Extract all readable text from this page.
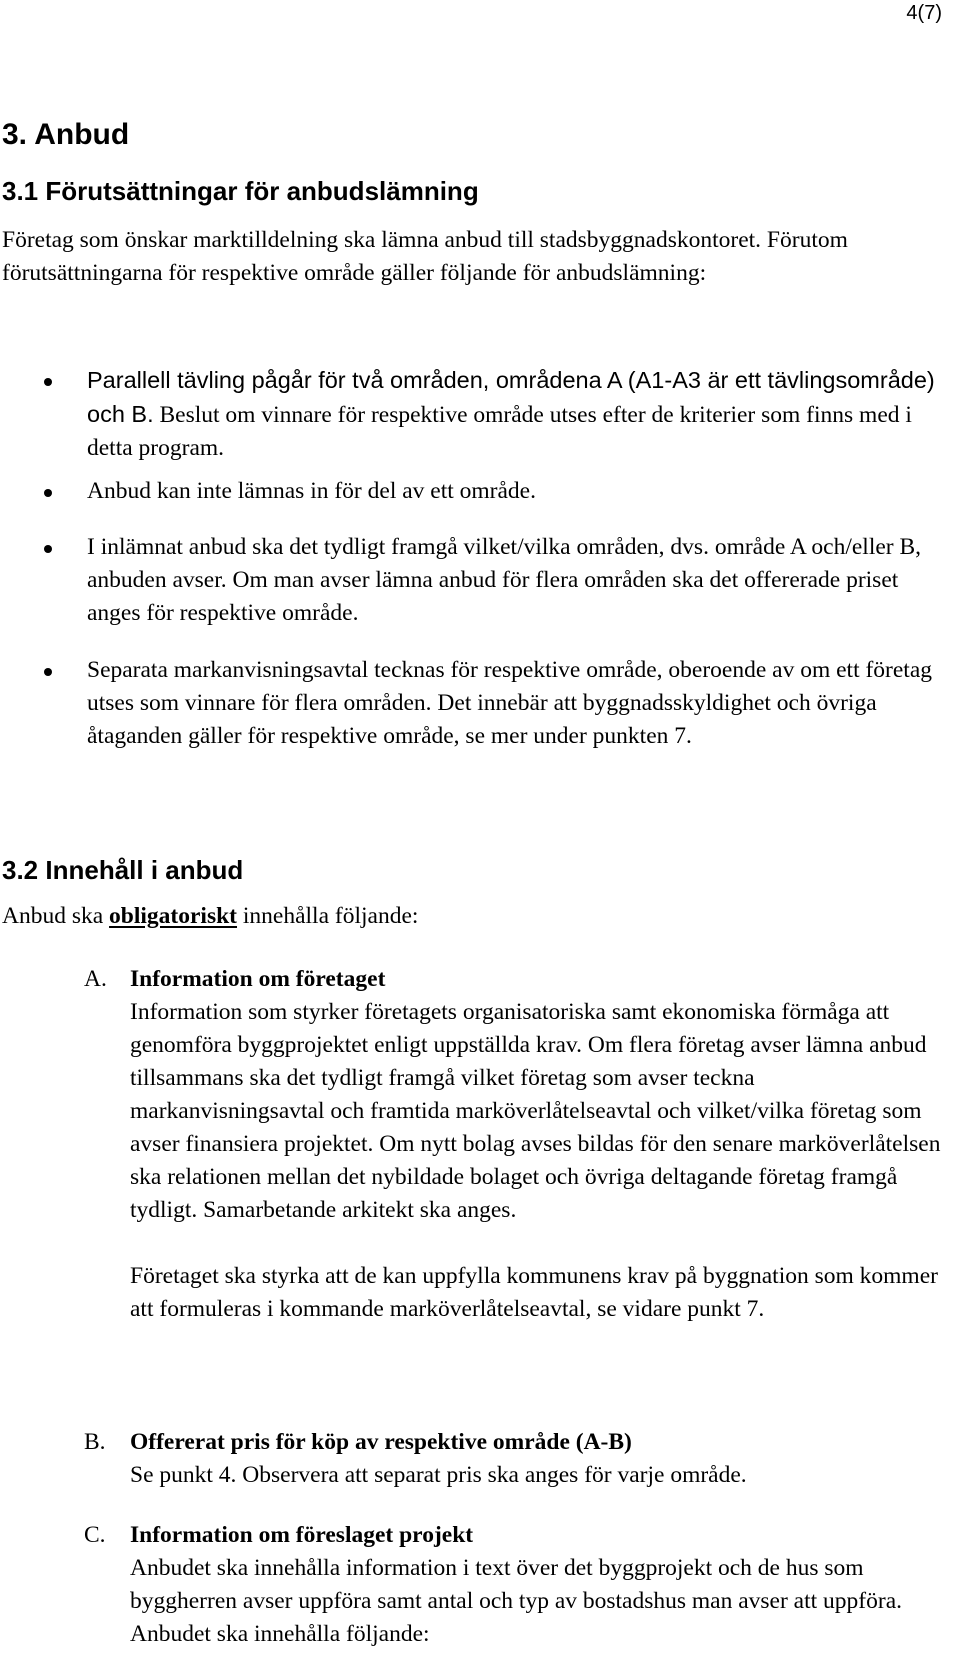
4(7)
3. Anbud
3.1 Förutsättningar för anbudslämning
Företag som önskar marktilldelning ska lämna anbud till stadsbyggnadskontoret. Förutom förutsättningarna för respektive område gäller följande för anbudslämning:
Parallell tävling pågår för två områden, områdena A (A1-A3 är ett tävlingsområde) och B. Beslut om vinnare för respektive område utses efter de kriterier som finns med i detta program.
Anbud kan inte lämnas in för del av ett område.
I inlämnat anbud ska det tydligt framgå vilket/vilka områden, dvs. område A och/eller B, anbuden avser. Om man avser lämna anbud för flera områden ska det offererade priset anges för respektive område.
Separata markanvisningsavtal tecknas för respektive område, oberoende av om ett företag utses som vinnare för flera områden. Det innebär att byggnadsskyldighet och övriga åtaganden gäller för respektive område, se mer under punkten 7.
3.2 Innehåll i anbud
Anbud ska obligatoriskt innehålla följande:
A. Information om företaget
Information som styrker företagets organisatoriska samt ekonomiska förmåga att genomföra byggprojektet enligt uppställda krav. Om flera företag avser lämna anbud tillsammans ska det tydligt framgå vilket företag som avser teckna markanvisningsavtal och framtida marköverlåtelseavtal och vilket/vilka företag som avser finansiera projektet. Om nytt bolag avses bildas för den senare marköverlåtelsen ska relationen mellan det nybildade bolaget och övriga deltagande företag framgå tydligt. Samarbetande arkitekt ska anges.
Företaget ska styrka att de kan uppfylla kommunens krav på byggnation som kommer att formuleras i kommande marköverlåtelseavtal, se vidare punkt 7.
B. Offererat pris för köp av respektive område (A-B)
Se punkt 4. Observera att separat pris ska anges för varje område.
C. Information om föreslaget projekt
Anbudet ska innehålla information i text över det byggprojekt och de hus som byggherren avser uppföra samt antal och typ av bostadshus man avser att uppföra. Anbudet ska innehålla följande:
